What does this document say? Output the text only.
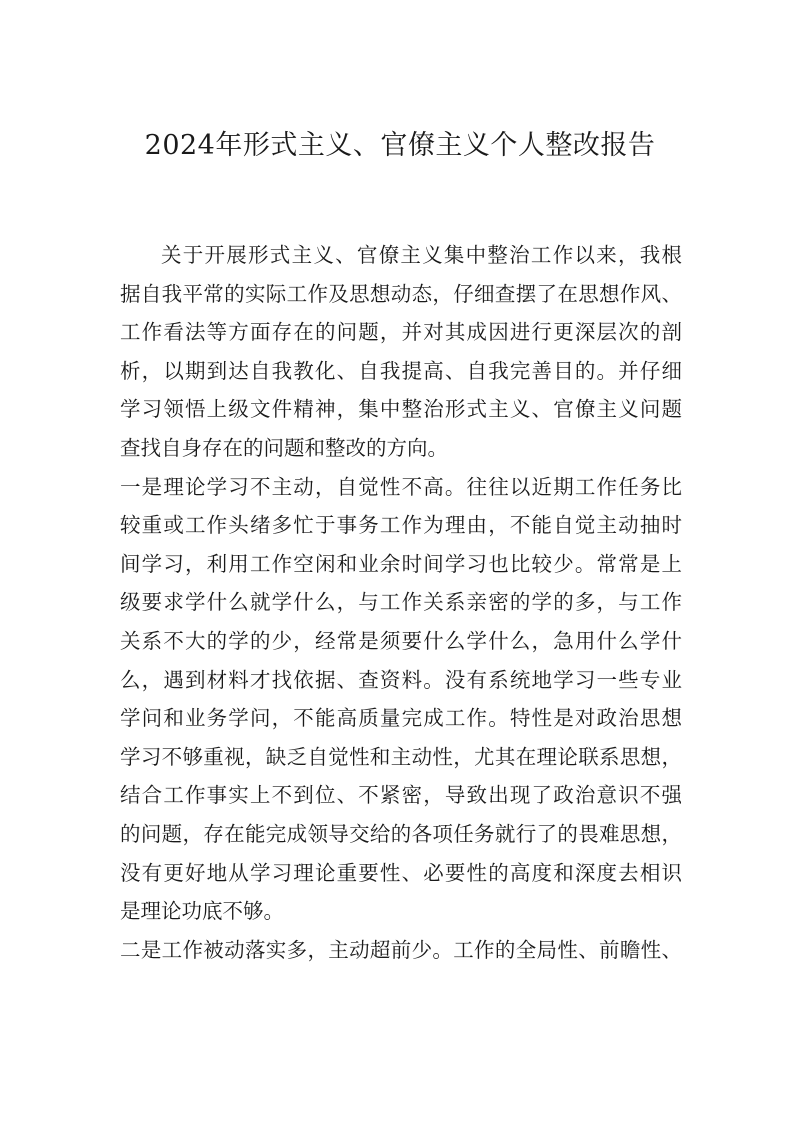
2024年形式主义、官僚主义个人整改报告

关于开展形式主义、官僚主义集中整治工作以来，我根
据自我平常的实际工作及思想动态，仔细查摆了在思想作风、
工作看法等方面存在的问题，并对其成因进行更深层次的剖
析，以期到达自我教化、自我提高、自我完善目的。并仔细
学习领悟上级文件精神，集中整治形式主义、官僚主义问题
查找自身存在的问题和整改的方向。

一是理论学习不主动，自觉性不高。往往以近期工作任务比
较重或工作头绪多忙于事务工作为理由，不能自觉主动抽时
间学习，利用工作空闲和业余时间学习也比较少。常常是上
级要求学什么就学什么，与工作关系亲密的学的多，与工作
关系不大的学的少，经常是须要什么学什么，急用什么学什
么，遇到材料才找依据、查资料。没有系统地学习一些专业
学问和业务学问，不能高质量完成工作。特性是对政治思想
学习不够重视，缺乏自觉性和主动性，尤其在理论联系思想，
结合工作事实上不到位、不紧密，导致出现了政治意识不强
的问题，存在能完成领导交给的各项任务就行了的畏难思想，
没有更好地从学习理论重要性、必要性的高度和深度去相识
是理论功底不够。

二是工作被动落实多，主动超前少。工作的全局性、前瞻性、
